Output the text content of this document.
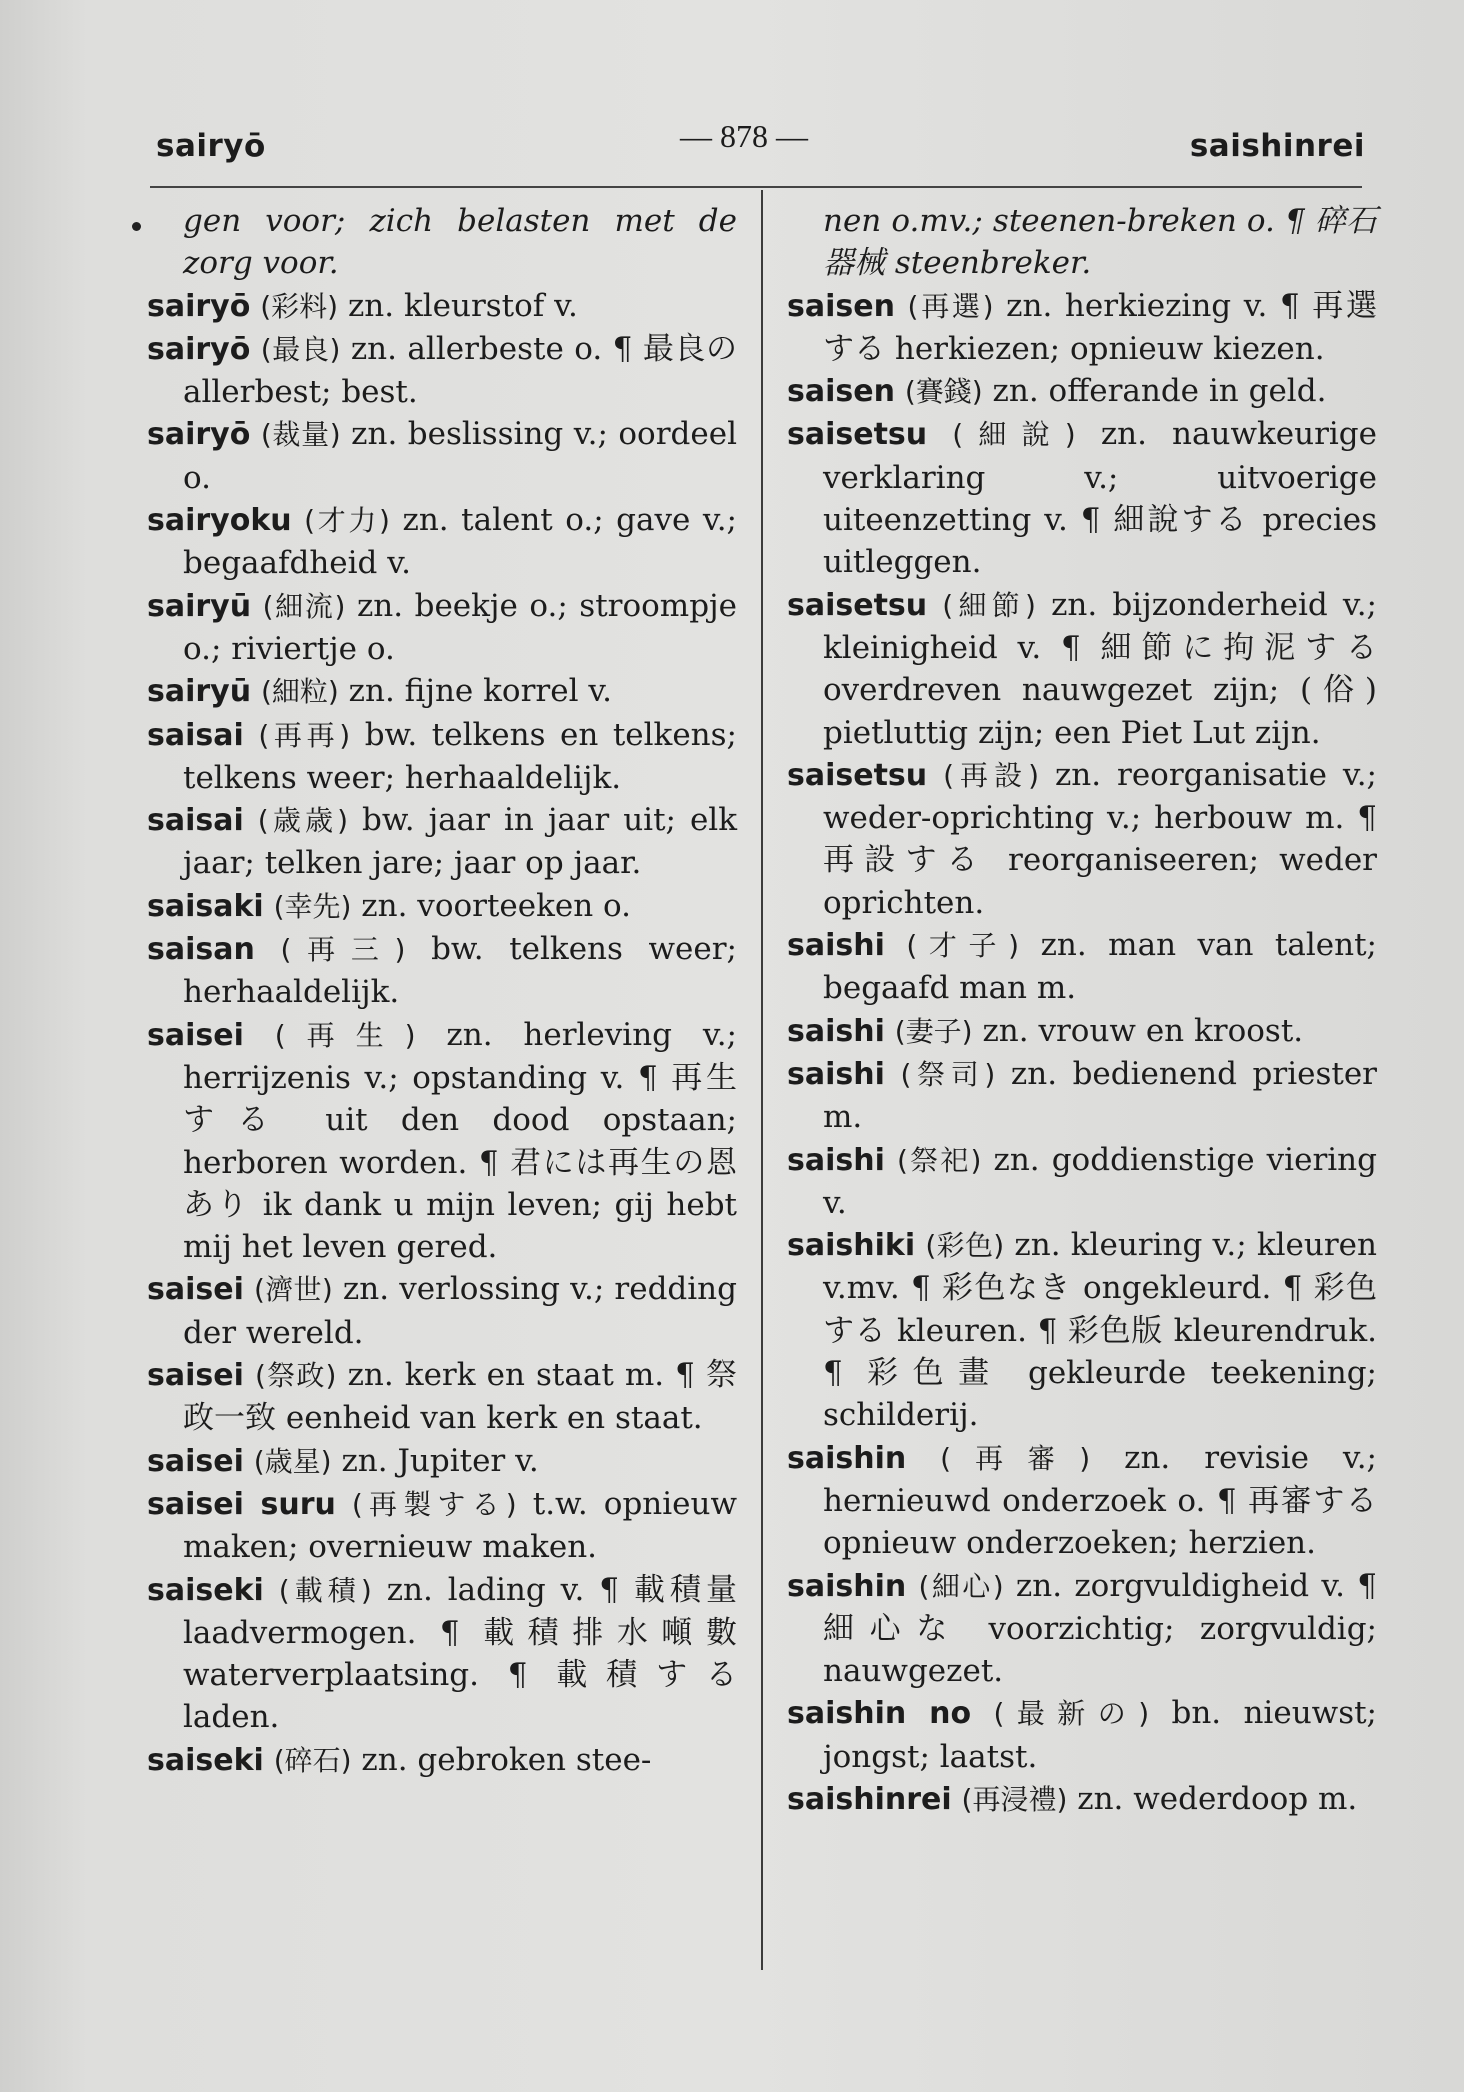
sairyō	— 878 —	saishinrei

gen voor; zich belasten met de zorg voor.

sairyō (彩料) zn. kleurstof v.

sairyō (最良) zn. allerbeste o. ¶ 最良の allerbest; best.

sairyō (裁量) zn. beslissing v.; oordeel o.

sairyoku (才力) zn. talent o.; gave v.; begaafdheid v.

sairyū (細流) zn. beekje o.; stroompje o.; riviertje o.

sairyū (細粒) zn. fijne korrel v.

saisai (再再) bw. telkens en telkens; telkens weer; herhaaldelijk.

saisai (歳歳) bw. jaar in jaar uit; elk jaar; telken jare; jaar op jaar.

saisaki (幸先) zn. voorteeken o.

saisan (再三) bw. telkens weer; herhaaldelijk.

saisei (再生) zn. herleving v.; herrijzenis v.; opstanding v. ¶ 再生する uit den dood opstaan; herboren worden. ¶ 君には再生の恩あり ik dank u mijn leven; gij hebt mij het leven gered.

saisei (濟世) zn. verlossing v.; redding der wereld.

saisei (祭政) zn. kerk en staat m. ¶ 祭政一致 eenheid van kerk en staat.

saisei (歳星) zn. Jupiter v.

saisei suru (再製する) t.w. opnieuw maken; overnieuw maken.

saiseki (載積) zn. lading v. ¶ 載積量 laadvermogen. ¶ 載積排水噸數 waterverplaatsing. ¶ 載積する laden.

saiseki (碎石) zn. gebroken stee-

nen o.mv.; steenen-breken o. ¶ 碎石器械 steenbreker.

saisen (再選) zn. herkiezing v. ¶ 再選する herkiezen; opnieuw kiezen.

saisen (賽錢) zn. offerande in geld.

saisetsu (細說) zn. nauwkeurige verklaring v.; uitvoerige uiteenzetting v. ¶ 細說する precies uitleggen.

saisetsu (細節) zn. bijzonderheid v.; kleinigheid v. ¶ 細節に拘泥する overdreven nauwgezet zijn; (俗) pietluttig zijn; een Piet Lut zijn.

saisetsu (再設) zn. reorganisatie v.; weder-oprichting v.; herbouw m. ¶ 再設する reorganiseeren; weder oprichten.

saishi (才子) zn. man van talent; begaafd man m.

saishi (妻子) zn. vrouw en kroost.

saishi (祭司) zn. bedienend priester m.

saishi (祭祀) zn. goddienstige viering v.

saishiki (彩色) zn. kleuring v.; kleuren v.mv. ¶ 彩色なき ongekleurd. ¶ 彩色する kleuren. ¶ 彩色版 kleurendruk. ¶ 彩色畫 gekleurde teekening; schilderij.

saishin (再審) zn. revisie v.; hernieuwd onderzoek o. ¶ 再審する opnieuw onderzoeken; herzien.

saishin (細心) zn. zorgvuldigheid v. ¶ 細心な voorzichtig; zorgvuldig; nauwgezet.

saishin no (最新の) bn. nieuwst; jongst; laatst.

saishinrei (再浸禮) zn. wederdoop m.
